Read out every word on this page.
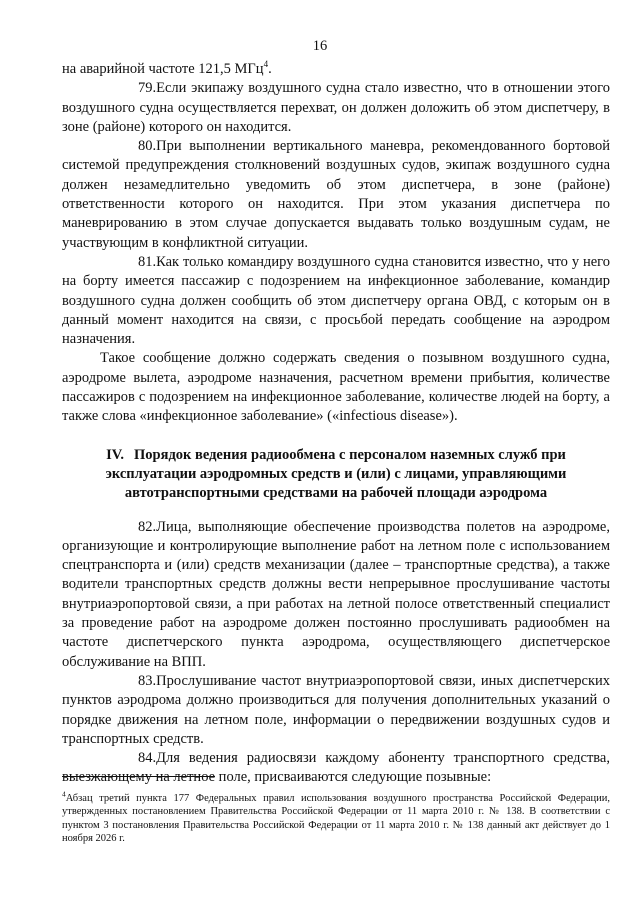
16

на аварийной частоте 121,5 МГц$^4$.

79.Если экипажу воздушного судна стало известно, что в отношении этого воздушного судна осуществляется перехват, он должен доложить об этом диспетчеру, в зоне (районе) которого он находится.

80.При выполнении вертикального маневра, рекомендованного бортовой системой предупреждения столкновений воздушных судов, экипаж воздушного судна должен незамедлительно уведомить об этом диспетчера, в зоне (районе) ответственности которого он находится. При этом указания диспетчера по маневрированию в этом случае допускается выдавать только воздушным судам, не участвующим в конфликтной ситуации.

81.Как только командиру воздушного судна становится известно, что у него на борту имеется пассажир с подозрением на инфекционное заболевание, командир воздушного судна должен сообщить об этом диспетчеру органа ОВД, с которым он в данный момент находится на связи, с просьбой передать сообщение на аэродром назначения.

Такое сообщение должно содержать сведения о позывном воздушного судна, аэродроме вылета, аэродроме назначения, расчетном времени прибытия, количестве пассажиров с подозрением на инфекционное заболевание, количестве людей на борту, а также слова «инфекционное заболевание» («infectious disease»).

IV. Порядок ведения радиообмена с персоналом наземных служб при эксплуатации аэродромных средств и (или) с лицами, управляющими автотранспортными средствами на рабочей площади аэродрома

82.Лица, выполняющие обеспечение производства полетов на аэродроме, организующие и контролирующие выполнение работ на летном поле с использованием спецтранспорта и (или) средств механизации (далее – транспортные средства), а также водители транспортных средств должны вести непрерывное прослушивание частоты внутриаэропортовой связи, а при работах на летной полосе ответственный специалист за проведение работ на аэродроме должен постоянно прослушивать радиообмен на частоте диспетчерского пункта аэродрома, осуществляющего диспетчерское обслуживание на ВПП.

83.Прослушивание частот внутриаэропортовой связи, иных диспетчерских пунктов аэродрома должно производиться для получения дополнительных указаний о порядке движения на летном поле, информации о передвижении воздушных судов и транспортных средств.

84.Для ведения радиосвязи каждому абоненту транспортного средства, выезжающему на летное поле, присваиваются следующие позывные:

$^4$Абзац третий пункта 177 Федеральных правил использования воздушного пространства Российской Федерации, утвержденных постановлением Правительства Российской Федерации от 11 марта 2010 г. № 138. В соответствии с пунктом 3 постановления Правительства Российской Федерации от 11 марта 2010 г. № 138 данный акт действует до 1 ноября 2026 г.
